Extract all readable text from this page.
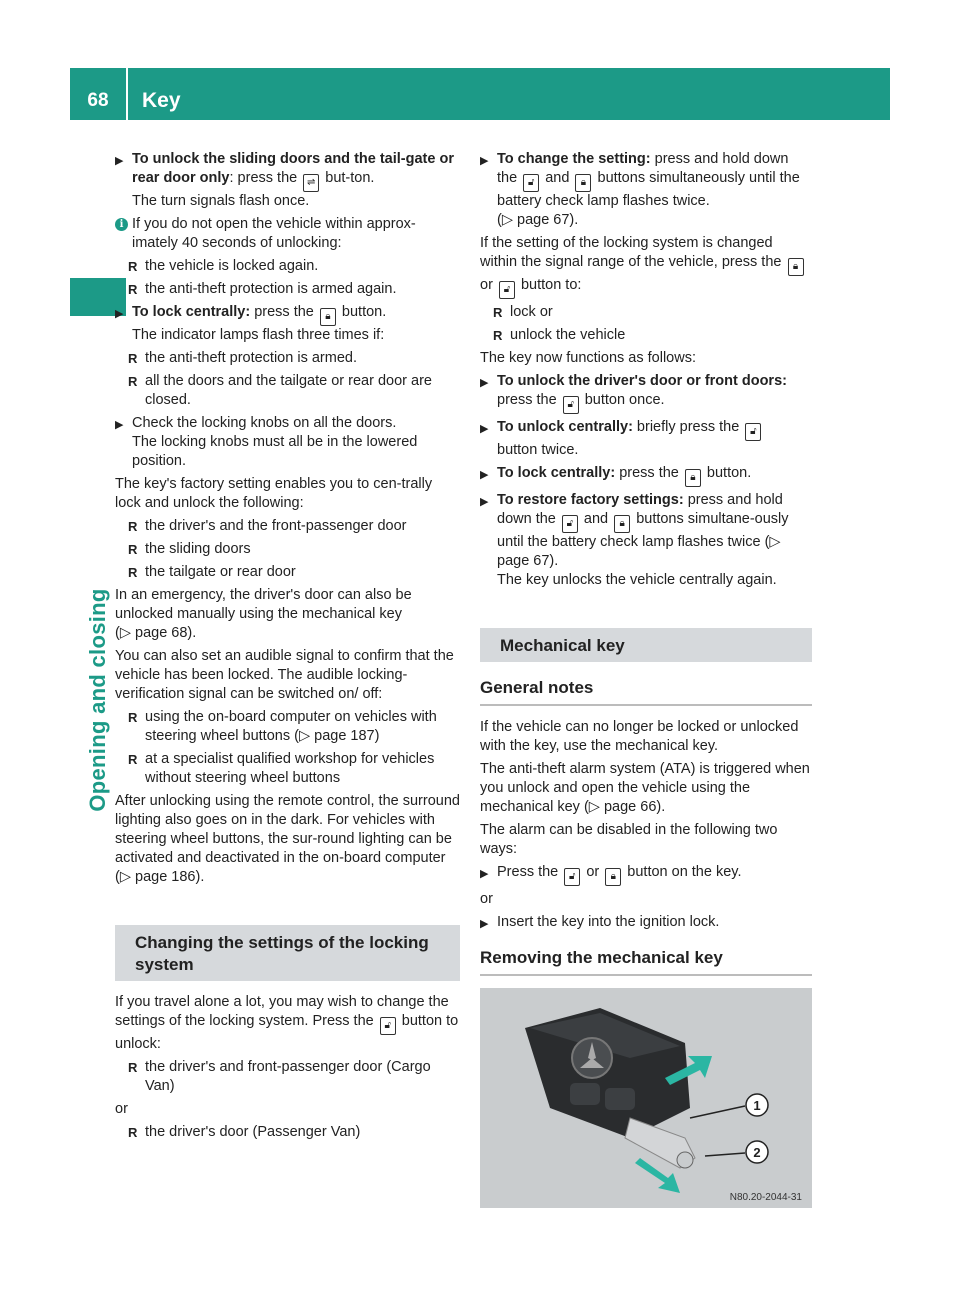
68	Key
Opening and closing
▶ To unlock the sliding doors and the tail-gate or rear door only: press the ⇌ but-ton.
The turn signals flash once.
i If you do not open the vehicle within approx-imately 40 seconds of unlocking:
R the vehicle is locked again.
R the anti-theft protection is armed again.
▶ To lock centrally: press the 🔒︎ button.
The indicator lamps flash three times if:
R the anti-theft protection is armed.
R all the doors and the tailgate or rear door are closed.
▶ Check the locking knobs on all the doors.
The locking knobs must all be in the lowered position.

The key's factory setting enables you to cen-trally lock and unlock the following:

R the driver's and the front-passenger door
R the sliding doors
R the tailgate or rear door

In an emergency, the driver's door can also be unlocked manually using the mechanical key
(▷ page 68).

You can also set an audible signal to confirm that the vehicle has been locked. The audible locking-verification signal can be switched on/ off:

R using the on-board computer on vehicles with steering wheel buttons (▷ page 187)
R at a specialist qualified workshop for vehicles without steering wheel buttons

After unlocking using the remote control, the surround lighting also goes on in the dark. For vehicles with steering wheel buttons, the sur-round lighting can be activated and deactivated in the on-board computer (▷ page 186).

Changing the settings of the locking system

If you travel alone a lot, you may wish to change the settings of the locking system. Press the 🔓︎ button to unlock:

R the driver's and front-passenger door (Cargo Van)

or

R the driver's door (Passenger Van)
▶ To change the setting: press and hold down the 🔓︎ and 🔒︎ buttons simultaneously until the battery check lamp flashes twice.
(▷ page 67).

If the setting of the locking system is changed within the signal range of the vehicle, press the 🔒︎ or 🔓︎ button to:

R lock or
R unlock the vehicle

The key now functions as follows:

▶ To unlock the driver's door or front doors:
press the 🔓︎ button once.
▶ To unlock centrally: briefly press the 🔓︎
button twice.
▶ To lock centrally: press the 🔒︎ button.
▶ To restore factory settings: press and hold down the 🔓︎ and 🔒︎ buttons simultane-ously until the battery check lamp flashes twice (▷ page 67).
The key unlocks the vehicle centrally again.
Mechanical key
General notes

If the vehicle can no longer be locked or unlocked with the key, use the mechanical key.

The anti-theft alarm system (ATA) is triggered when you unlock and open the vehicle using the mechanical key (▷ page 66).

The alarm can be disabled in the following two ways:

▶ Press the 🔓︎ or 🔒︎ button on the key.

or

▶ Insert the key into the ignition lock.
Removing the mechanical key
1
2
N80.20-2044-31
